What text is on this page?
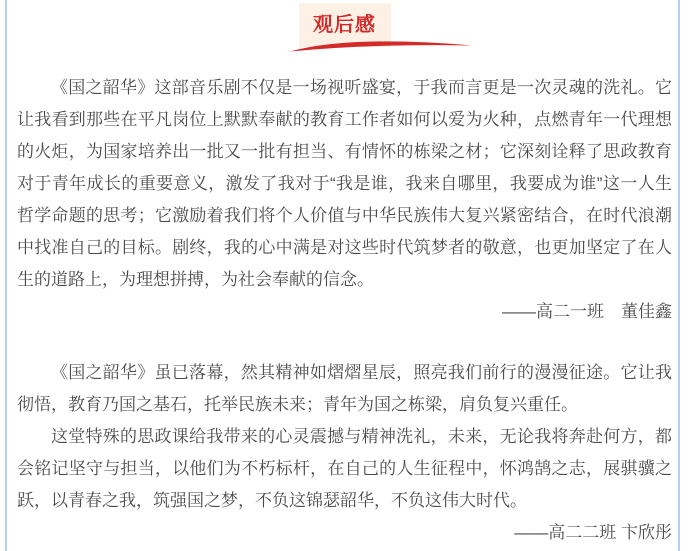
观后感

《国之韶华》这部音乐剧不仅是一场视听盛宴，于我而言更是一次灵魂的洗礼。它让我看到那些在平凡岗位上默默奉献的教育工作者如何以爱为火种，点燃青年一代理想的火炬，为国家培养出一批又一批有担当、有情怀的栋梁之材；它深刻诠释了思政教育对于青年成长的重要意义，激发了我对于“我是谁，我来自哪里，我要成为谁”这一人生哲学命题的思考；它激励着我们将个人价值与中华民族伟大复兴紧密结合，在时代浪潮中找准自己的目标。剧终，我的心中满是对这些时代筑梦者的敬意，也更加坚定了在人生的道路上，为理想拼搏，为社会奉献的信念。

——高二一班　董佳鑫

《国之韶华》虽已落幕，然其精神如熠熠星辰，照亮我们前行的漫漫征途。它让我彻悟，教育乃国之基石，托举民族未来；青年为国之栋梁，肩负复兴重任。

这堂特殊的思政课给我带来的心灵震撼与精神洗礼，未来，无论我将奔赴何方，都会铭记坚守与担当，以他们为不朽标杆，在自己的人生征程中，怀鸿鹄之志，展骐骥之跃，以青春之我，筑强国之梦，不负这锦瑟韶华，不负这伟大时代。

——高二二班 卞欣彤
